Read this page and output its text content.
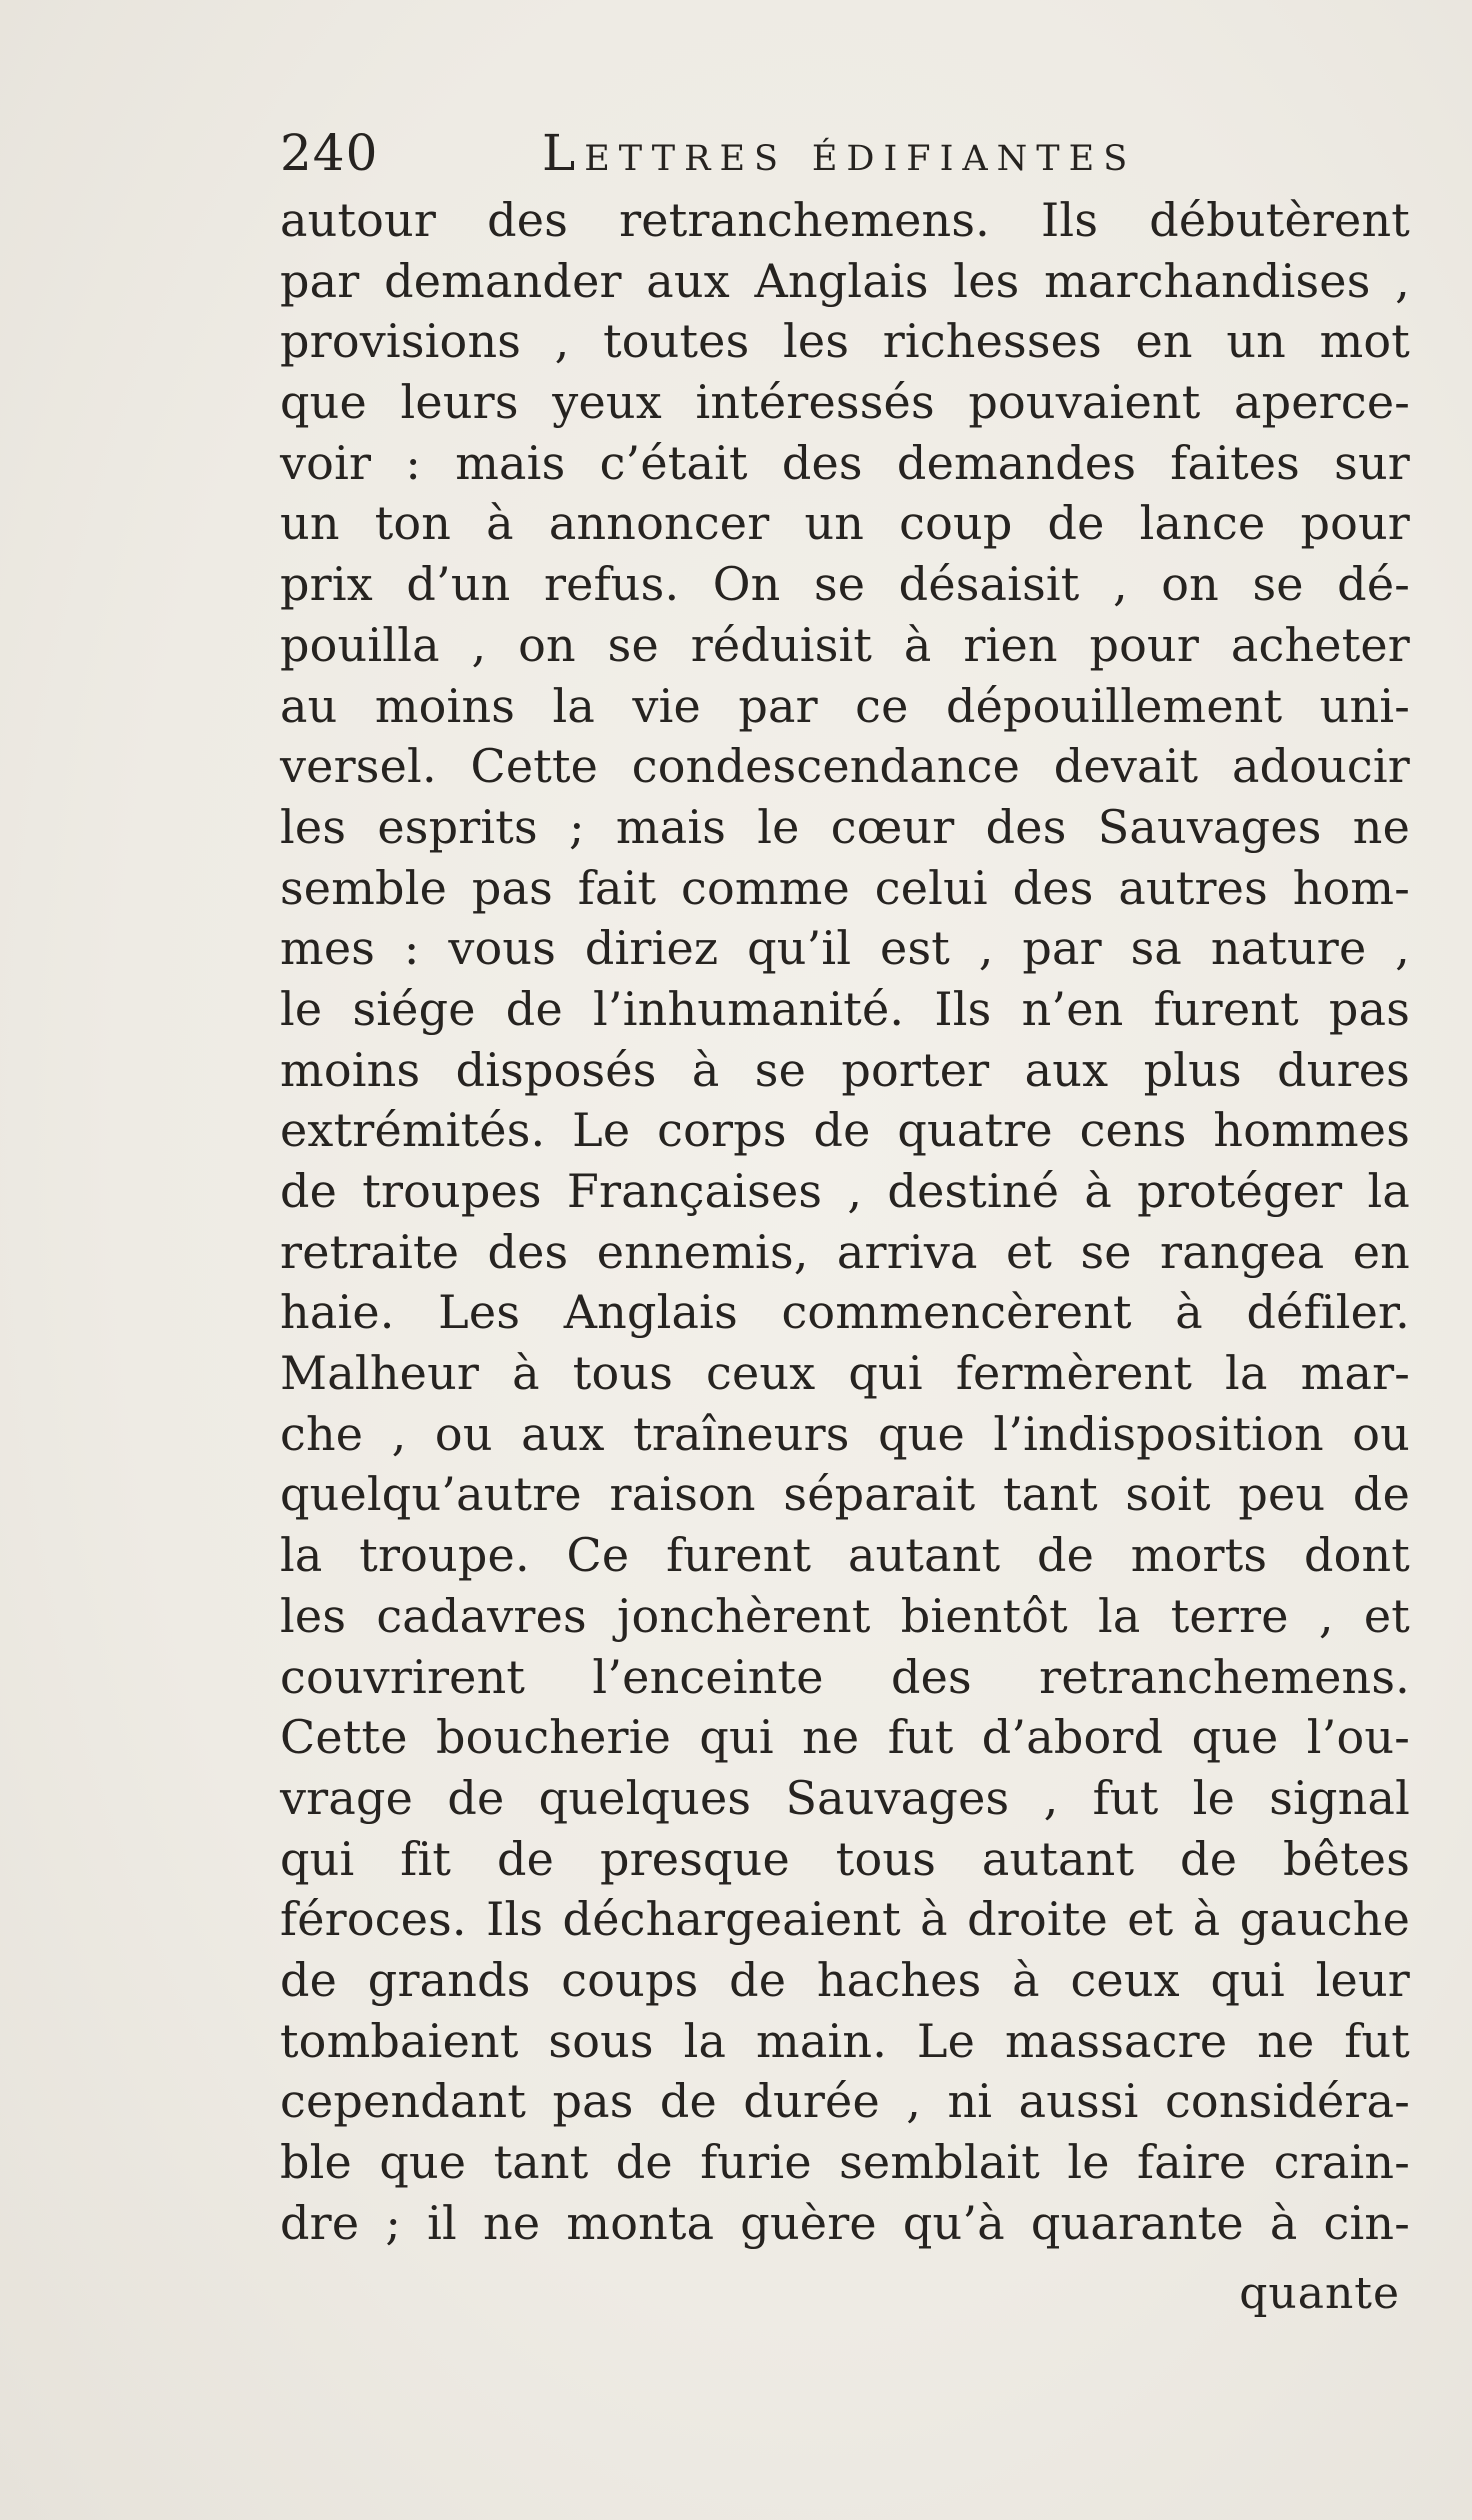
240	Lettres édifiantes
autour des retranchemens. Ils débutèrent
par demander aux Anglais les marchandises ,
provisions , toutes les richesses en un mot
que leurs yeux intéressés pouvaient aperce-
voir : mais c’était des demandes faites sur
un ton à annoncer un coup de lance pour
prix d’un refus. On se désaisit , on se dé-
pouilla , on se réduisit à rien pour acheter
au moins la vie par ce dépouillement uni-
versel. Cette condescendance devait adoucir
les esprits ; mais le cœur des Sauvages ne
semble pas fait comme celui des autres hom-
mes : vous diriez qu’il est , par sa nature ,
le siége de l’inhumanité. Ils n’en furent pas
moins disposés à se porter aux plus dures
extrémités. Le corps de quatre cens hommes
de troupes Françaises , destiné à protéger la
retraite des ennemis, arriva et se rangea en
haie. Les Anglais commencèrent à défiler.
Malheur à tous ceux qui fermèrent la mar-
che , ou aux traîneurs que l’indisposition ou
quelqu’autre raison séparait tant soit peu de
la troupe. Ce furent autant de morts dont
les cadavres jonchèrent bientôt la terre , et
couvrirent l’enceinte des retranchemens.
Cette boucherie qui ne fut d’abord que l’ou-
vrage de quelques Sauvages , fut le signal
qui fit de presque tous autant de bêtes
féroces. Ils déchargeaient à droite et à gauche
de grands coups de haches à ceux qui leur
tombaient sous la main. Le massacre ne fut
cependant pas de durée , ni aussi considéra-
ble que tant de furie semblait le faire crain-
dre ; il ne monta guère qu’à quarante à cin-
quante
